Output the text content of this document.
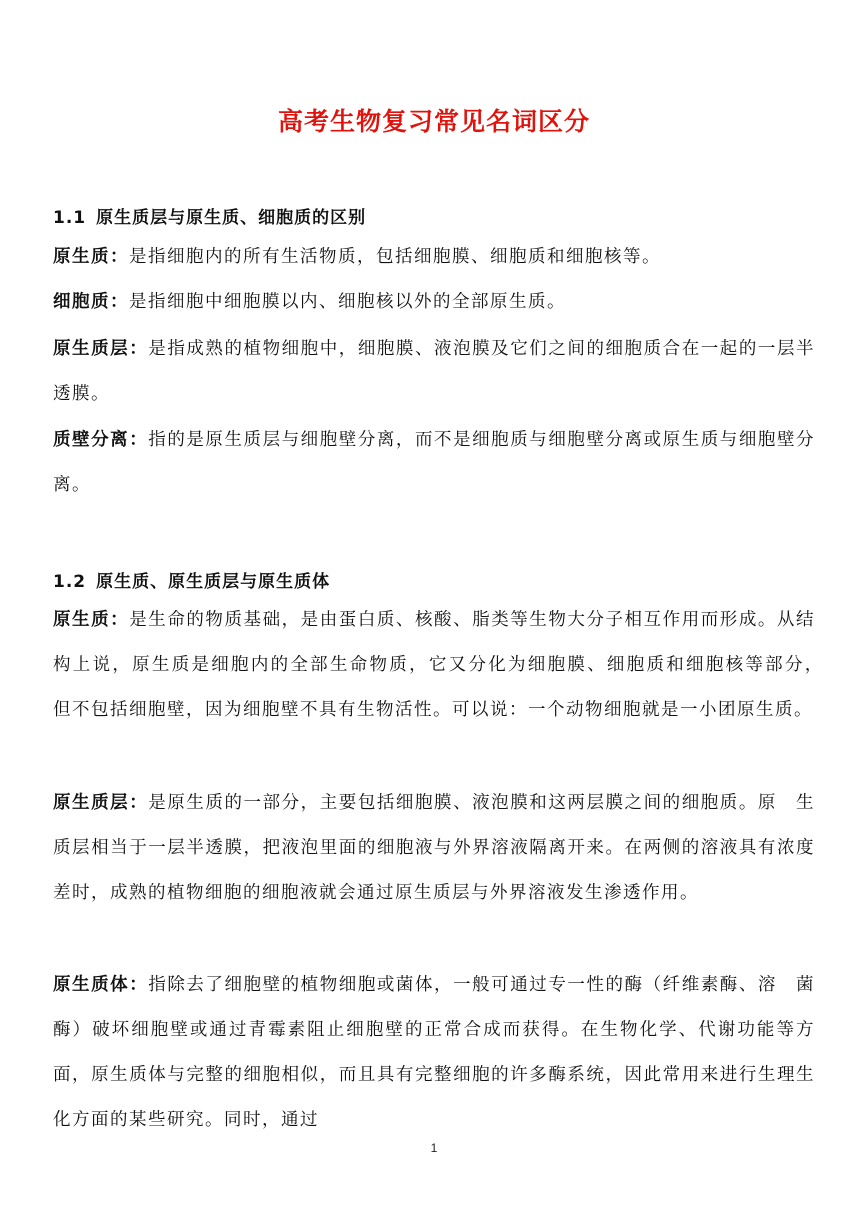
高考生物复习常见名词区分
1.1 原生质层与原生质、细胞质的区别
原生质：是指细胞内的所有生活物质，包括细胞膜、细胞质和细胞核等。
细胞质：是指细胞中细胞膜以内、细胞核以外的全部原生质。
原生质层：是指成熟的植物细胞中，细胞膜、液泡膜及它们之间的细胞质合在一起的一层半透膜。
质壁分离：指的是原生质层与细胞壁分离，而不是细胞质与细胞壁分离或原生质与细胞壁分离。
1.2 原生质、原生质层与原生质体
原生质：是生命的物质基础，是由蛋白质、核酸、脂类等生物大分子相互作用而形成。从结构上说，原生质是细胞内的全部生命物质，它又分化为细胞膜、细胞质和细胞核等部分，　但不包括细胞壁，因为细胞壁不具有生物活性。可以说：一个动物细胞就是一小团原生质。
原生质层：是原生质的一部分，主要包括细胞膜、液泡膜和这两层膜之间的细胞质。原　生质层相当于一层半透膜，把液泡里面的细胞液与外界溶液隔离开来。在两侧的溶液具有浓度差时，成熟的植物细胞的细胞液就会通过原生质层与外界溶液发生渗透作用。
原生质体：指除去了细胞壁的植物细胞或菌体，一般可通过专一性的酶（纤维素酶、溶　菌酶）破坏细胞壁或通过青霉素阻止细胞壁的正常合成而获得。在生物化学、代谢功能等方面，原生质体与完整的细胞相似，而且具有完整细胞的许多酶系统，因此常用来进行生理生化方面的某些研究。同时，通过
1
